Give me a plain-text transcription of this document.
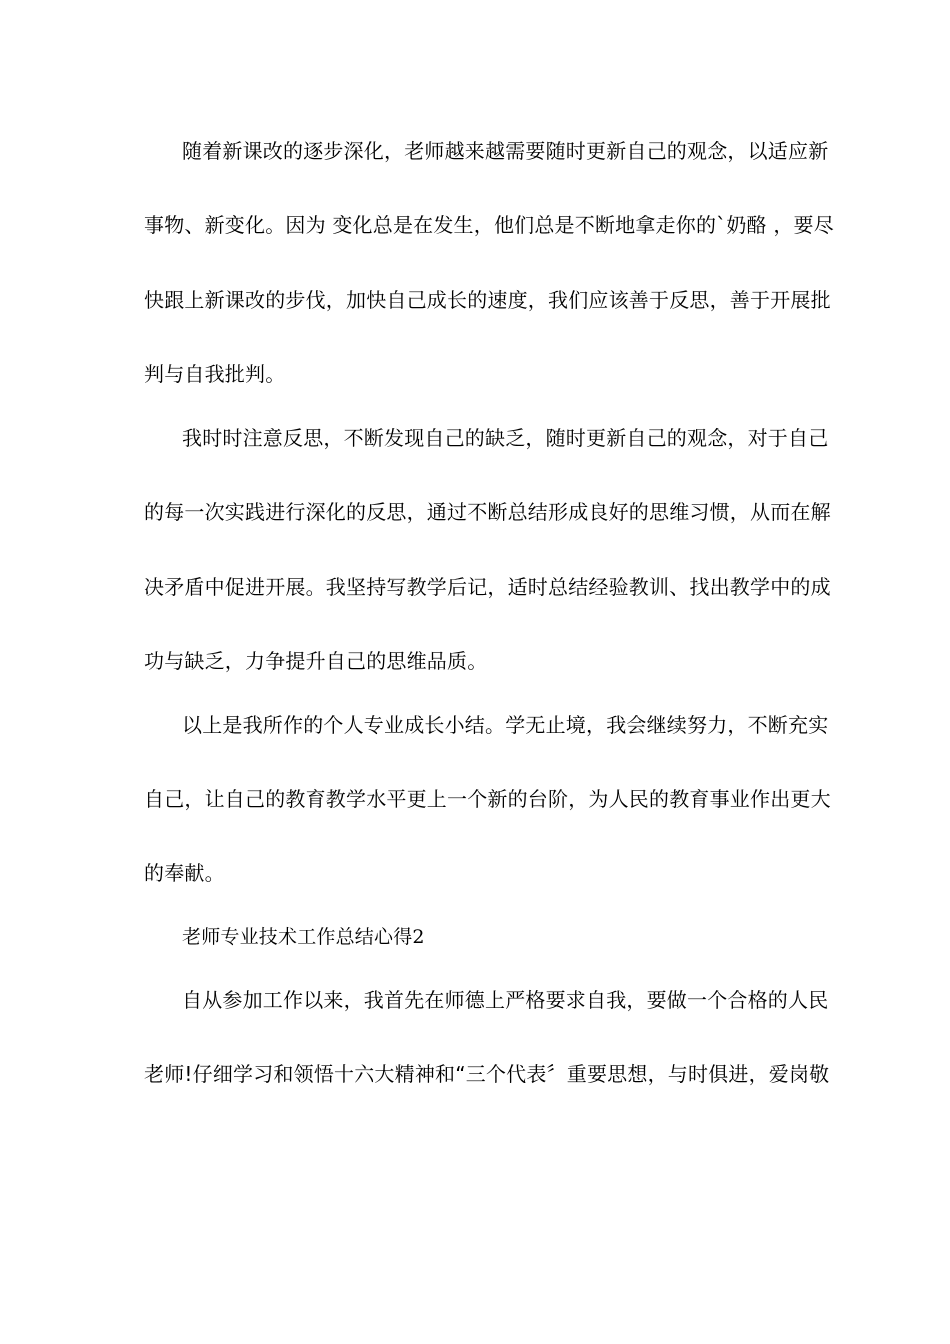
随着新课改的逐步深化，老师越来越需要随时更新自己的观念，以适应新
事物、新变化。因为 变化总是在发生，他们总是不断地拿走你的`奶酪 ，要尽
快跟上新课改的步伐，加快自己成长的速度，我们应该善于反思，善于开展批
判与自我批判。
我时时注意反思，不断发现自己的缺乏，随时更新自己的观念，对于自己
的每一次实践进行深化的反思，通过不断总结形成良好的思维习惯，从而在解
决矛盾中促进开展。我坚持写教学后记，适时总结经验教训、找出教学中的成
功与缺乏，力争提升自己的思维品质。
以上是我所作的个人专业成长小结。学无止境，我会继续努力，不断充实
自己，让自己的教育教学水平更上一个新的台阶，为人民的教育事业作出更大
的奉献。
老师专业技术工作总结心得2
自从参加工作以来，我首先在师德上严格要求自我，要做一个合格的人民
老师!仔细学习和领悟十六大精神和“三个代表〞重要思想，与时俱进，爱岗敬
